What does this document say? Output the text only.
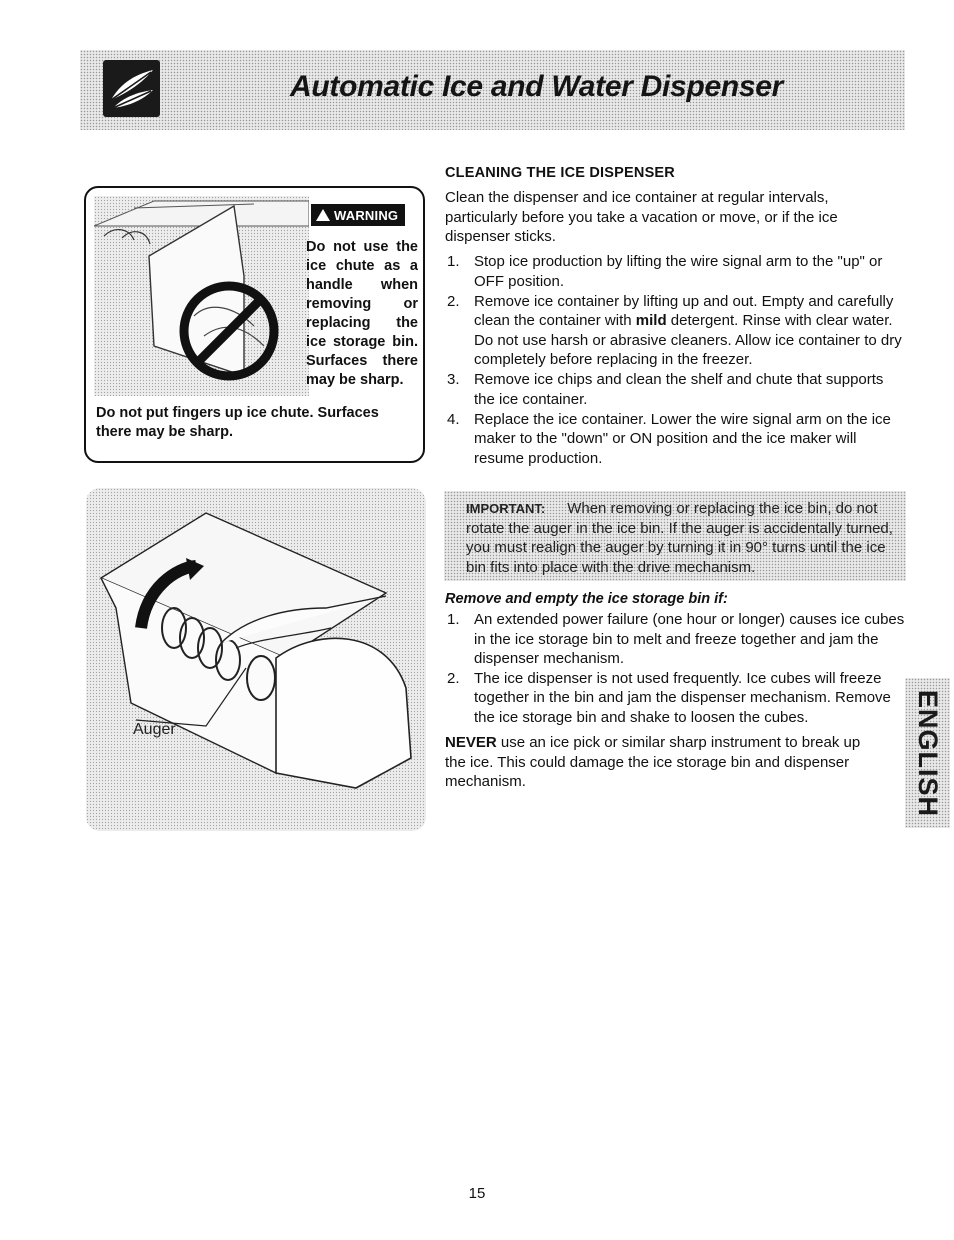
Automatic Ice and Water Dispenser
WARNING

Do not use the ice chute as a handle when removing or replacing the ice storage bin. Surfaces there may be sharp.

Do not put fingers up ice chute. Surfaces there may be sharp.

CLEANING THE ICE DISPENSER

Clean the dispenser and ice container at regular intervals, particularly before you take a vacation or move, or if the ice dispenser sticks.

1. Stop ice production by lifting the wire signal arm to the "up" or OFF position.
2. Remove ice container by lifting up and out. Empty and carefully clean the container with mild detergent. Rinse with clear water. Do not use harsh or abrasive cleaners. Allow ice container to dry completely before replacing in the freezer.
3. Remove ice chips and clean the shelf and chute that supports the ice container.
4. Replace the ice container. Lower the wire signal arm on the ice maker to the "down" or ON position and the ice maker will resume production.

IMPORTANT: When removing or replacing the ice bin, do not rotate the auger in the ice bin. If the auger is accidentally turned, you must realign the auger by turning it in 90° turns until the ice bin fits into place with the drive mechanism.

Remove and empty the ice storage bin if:
1. An extended power failure (one hour or longer) causes ice cubes in the ice storage bin to melt and freeze together and jam the dispenser mechanism.
2. The ice dispenser is not used frequently. Ice cubes will freeze together in the bin and jam the dispenser mechanism. Remove the ice storage bin and shake to loosen the cubes.

NEVER use an ice pick or similar sharp instrument to break up the ice. This could damage the ice storage bin and dispenser mechanism.

Auger	ENGLISH

15
